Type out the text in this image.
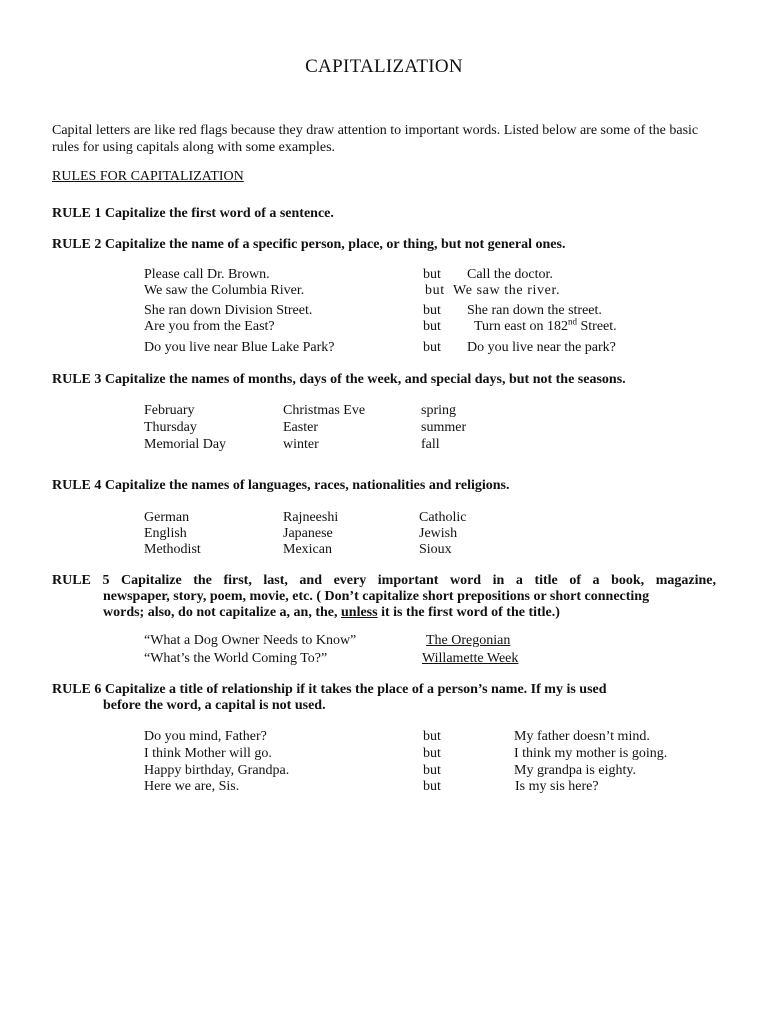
CAPITALIZATION
Capital letters are like red flags because they draw attention to important words. Listed below are some of the basic rules for using capitals along with some examples.
RULES FOR CAPITALIZATION
RULE 1 Capitalize the first word of a sentence.
RULE 2 Capitalize the name of a specific person, place, or thing, but not general ones.
Please call Dr. Brown.	but Call the doctor.
We saw the Columbia River.	but We saw the river.
She ran down Division Street.	but She ran down the street.
Are you from the East?	but Turn east on 182nd Street.
Do you live near Blue Lake Park?	but Do you live near the park?
RULE 3 Capitalize the names of months, days of the week, and special days, but not the seasons.
February	Christmas Eve	spring
Thursday	Easter	summer
Memorial Day	winter	fall
RULE 4 Capitalize the names of languages, races, nationalities and religions.
German	Rajneeshi	Catholic
English	Japanese	Jewish
Methodist	Mexican	Sioux
RULE 5 Capitalize the first, last, and every important word in a title of a book, magazine,
newspaper, story, poem, movie, etc. ( Don’t capitalize short prepositions or short connecting
words; also, do not capitalize a, an, the, unless it is the first word of the title.)
“What a Dog Owner Needs to Know”	The Oregonian
“What’s the World Coming To?”	Willamette Week
RULE 6 Capitalize a title of relationship if it takes the place of a person’s name. If my is used
before the word, a capital is not used.
Do you mind, Father?	but	My father doesn’t mind.
I think Mother will go.	but	I think my mother is going.
Happy birthday, Grandpa.	but	My grandpa is eighty.
Here we are, Sis.	but	Is my sis here?
